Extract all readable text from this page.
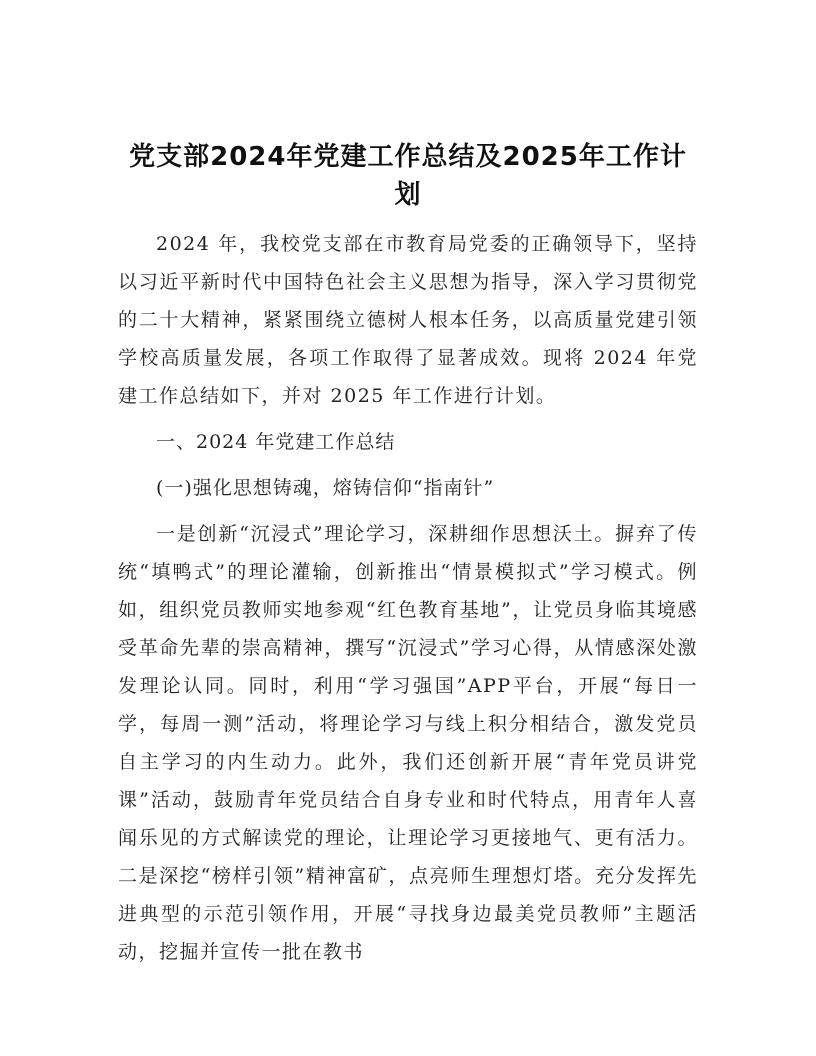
党支部2024年党建工作总结及2025年工作计划

2024 年，我校党支部在市教育局党委的正确领导下，坚持以习近平新时代中国特色社会主义思想为指导，深入学习贯彻党的二十大精神，紧紧围绕立德树人根本任务，以高质量党建引领学校高质量发展，各项工作取得了显著成效。现将 2024 年党建工作总结如下，并对 2025 年工作进行计划。

一、2024 年党建工作总结

(一)强化思想铸魂，熔铸信仰“指南针”

一是创新“沉浸式”理论学习，深耕细作思想沃土。摒弃了传统“填鸭式”的理论灌输，创新推出“情景模拟式”学习模式。例如，组织党员教师实地参观“红色教育基地”，让党员身临其境感受革命先辈的崇高精神，撰写“沉浸式”学习心得，从情感深处激发理论认同。同时，利用“学习强国”APP平台，开展“每日一学，每周一测”活动，将理论学习与线上积分相结合，激发党员自主学习的内生动力。此外，我们还创新开展“青年党员讲党课”活动，鼓励青年党员结合自身专业和时代特点，用青年人喜闻乐见的方式解读党的理论，让理论学习更接地气、更有活力。二是深挖“榜样引领”精神富矿，点亮师生理想灯塔。充分发挥先进典型的示范引领作用，开展“寻找身边最美党员教师”主题活动，挖掘并宣传一批在教书
